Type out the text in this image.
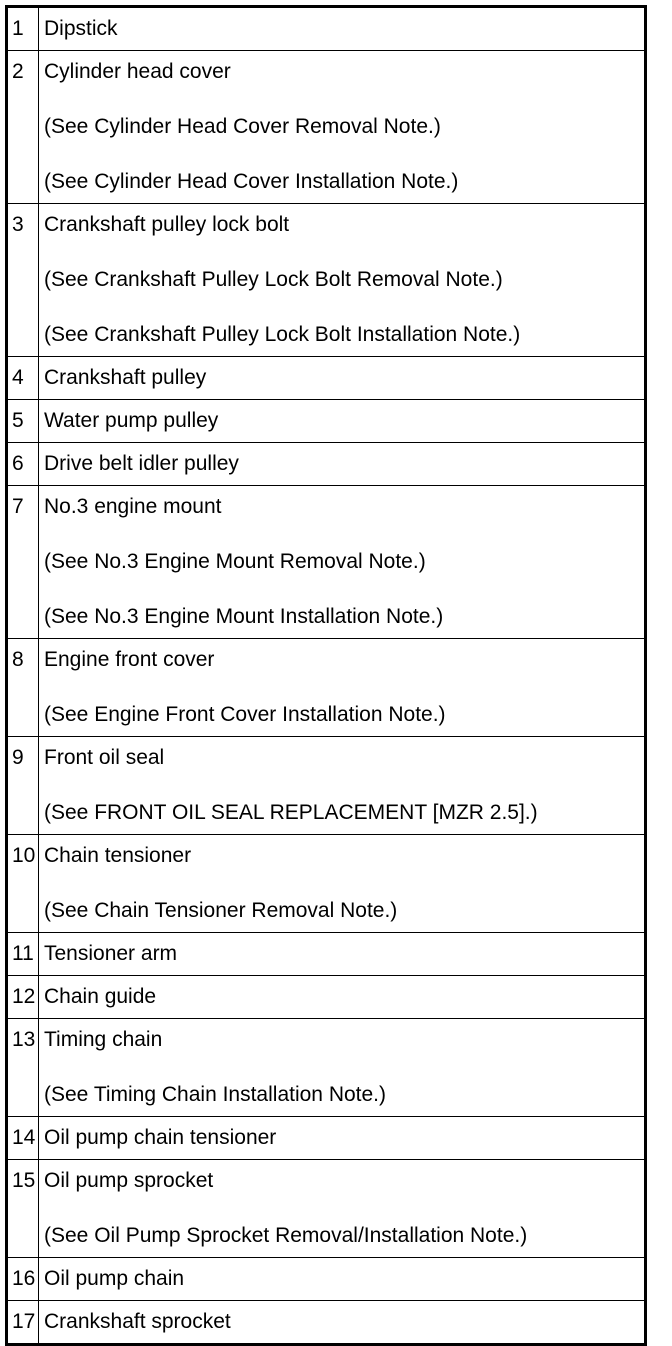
1	Dipstick

2	Cylinder head cover
(See Cylinder Head Cover Removal Note.)
(See Cylinder Head Cover Installation Note.)

3	Crankshaft pulley lock bolt
(See Crankshaft Pulley Lock Bolt Removal Note.)
(See Crankshaft Pulley Lock Bolt Installation Note.)

4	Crankshaft pulley

5	Water pump pulley

6	Drive belt idler pulley

7	No.3 engine mount
(See No.3 Engine Mount Removal Note.)
(See No.3 Engine Mount Installation Note.)

8	Engine front cover
(See Engine Front Cover Installation Note.)

9	Front oil seal
(See FRONT OIL SEAL REPLACEMENT [MZR 2.5].)

10	Chain tensioner
(See Chain Tensioner Removal Note.)

11	Tensioner arm

12	Chain guide

13	Timing chain
(See Timing Chain Installation Note.)

14	Oil pump chain tensioner

15	Oil pump sprocket
(See Oil Pump Sprocket Removal/Installation Note.)

16	Oil pump chain

17	Crankshaft sprocket
